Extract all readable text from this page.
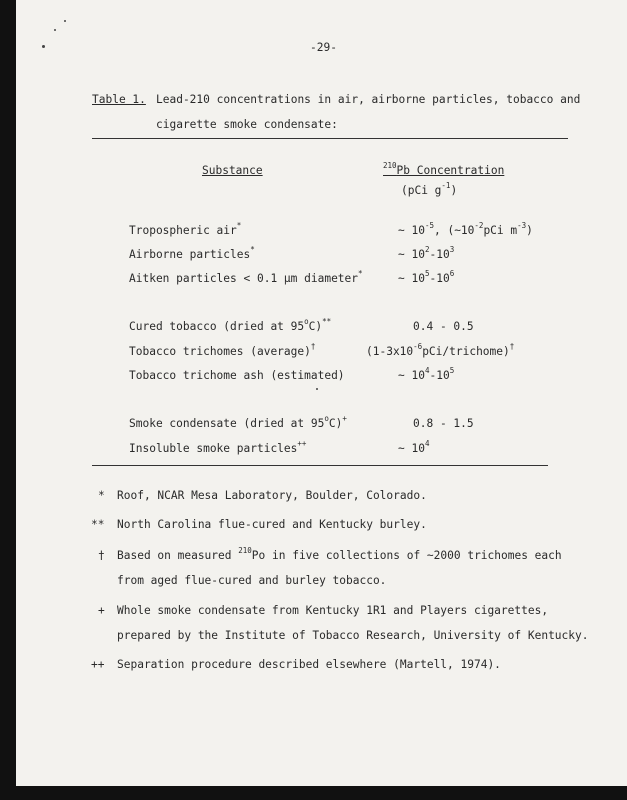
-29-
Table 1. Lead-210 concentrations in air, airborne particles, tobacco and
cigarette smoke condensate:
Substance	$^{210}$Pb Concentration
(pCi $g^{-1}$)
Tropospheric air*	~ $10^{-5}$, ($\sim 10^{-2}pCi$ $m^{-3}$)
Airborne particles*	~ $10^2-10^3$
Aitken particles < 0.1 μm diameter*	~ $10^5-10^6$
Cured tobacco (dried at 95$^o$C)**	0.4 - 0.5
Tobacco trichomes (average)†	$(1-3x10^{-6}pCi/trichome)^\dagger$
Tobacco trichome ash (estimated)	~ $10^4-10^5$
Smoke condensate (dried at 95$^o$C)+	0.8 - 1.5
Insoluble smoke particles++	~ $10^4$
* Roof, NCAR Mesa Laboratory, Boulder, Colorado.
** North Carolina flue-cured and Kentucky burley.
† Based on measured $^{210}$Po in five collections of ~2000 trichomes each
from aged flue-cured and burley tobacco.
+ Whole smoke condensate from Kentucky 1R1 and Players cigarettes,
prepared by the Institute of Tobacco Research, University of Kentucky.
++ Separation procedure described elsewhere (Martell, 1974).
